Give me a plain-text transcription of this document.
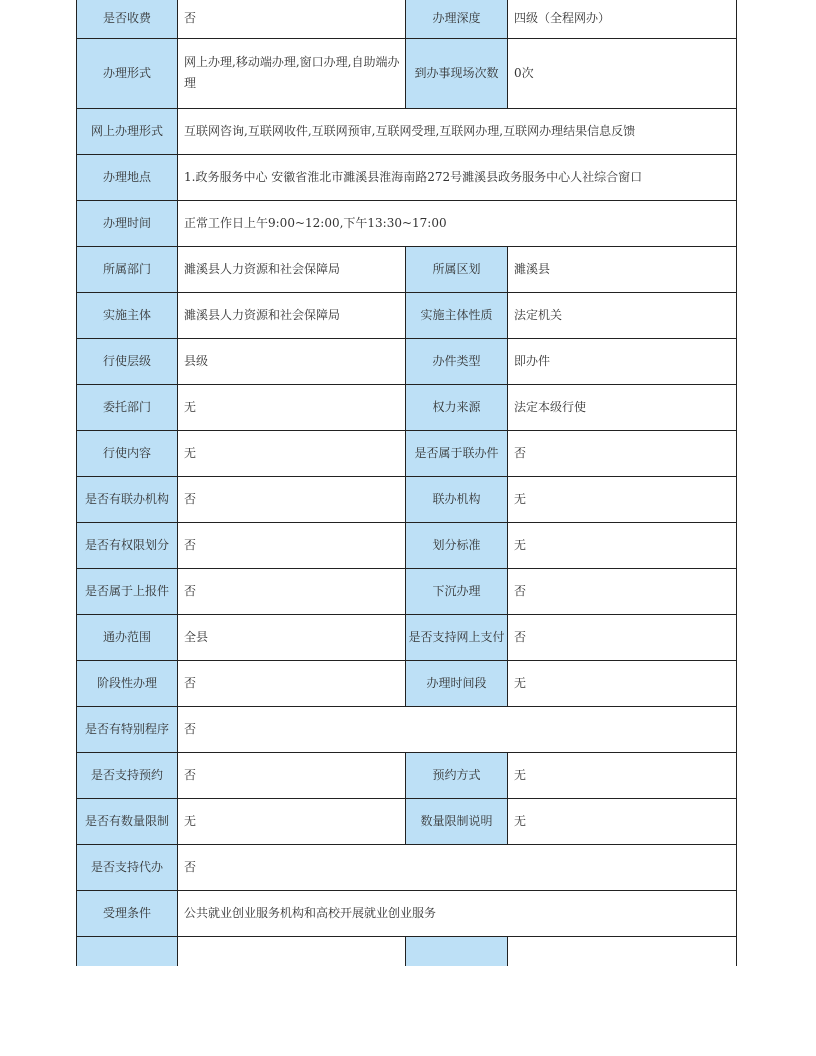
是否收费	否	办理深度	四级（全程网办）
办理形式	网上办理,移动端办理,窗口办理,自助端办理	到办事现场次数	0次
网上办理形式	互联网咨询,互联网收件,互联网预审,互联网受理,互联网办理,互联网办理结果信息反馈		
办理地点	1.政务服务中心 安徽省淮北市濉溪县淮海南路272号濉溪县政务服务中心人社综合窗口		
办理时间	正常工作日上午9:00~12:00,下午13:30~17:00		
所属部门	濉溪县人力资源和社会保障局	所属区划	濉溪县
实施主体	濉溪县人力资源和社会保障局	实施主体性质	法定机关
行使层级	县级	办件类型	即办件
委托部门	无	权力来源	法定本级行使
行使内容	无	是否属于联办件	否
是否有联办机构	否	联办机构	无
是否有权限划分	否	划分标准	无
是否属于上报件	否	下沉办理	否
通办范围	全县	是否支持网上支付	否
阶段性办理	否	办理时间段	无
是否有特别程序	否		
是否支持预约	否	预约方式	无
是否有数量限制	无	数量限制说明	无
是否支持代办	否		
受理条件	公共就业创业服务机构和高校开展就业创业服务		
